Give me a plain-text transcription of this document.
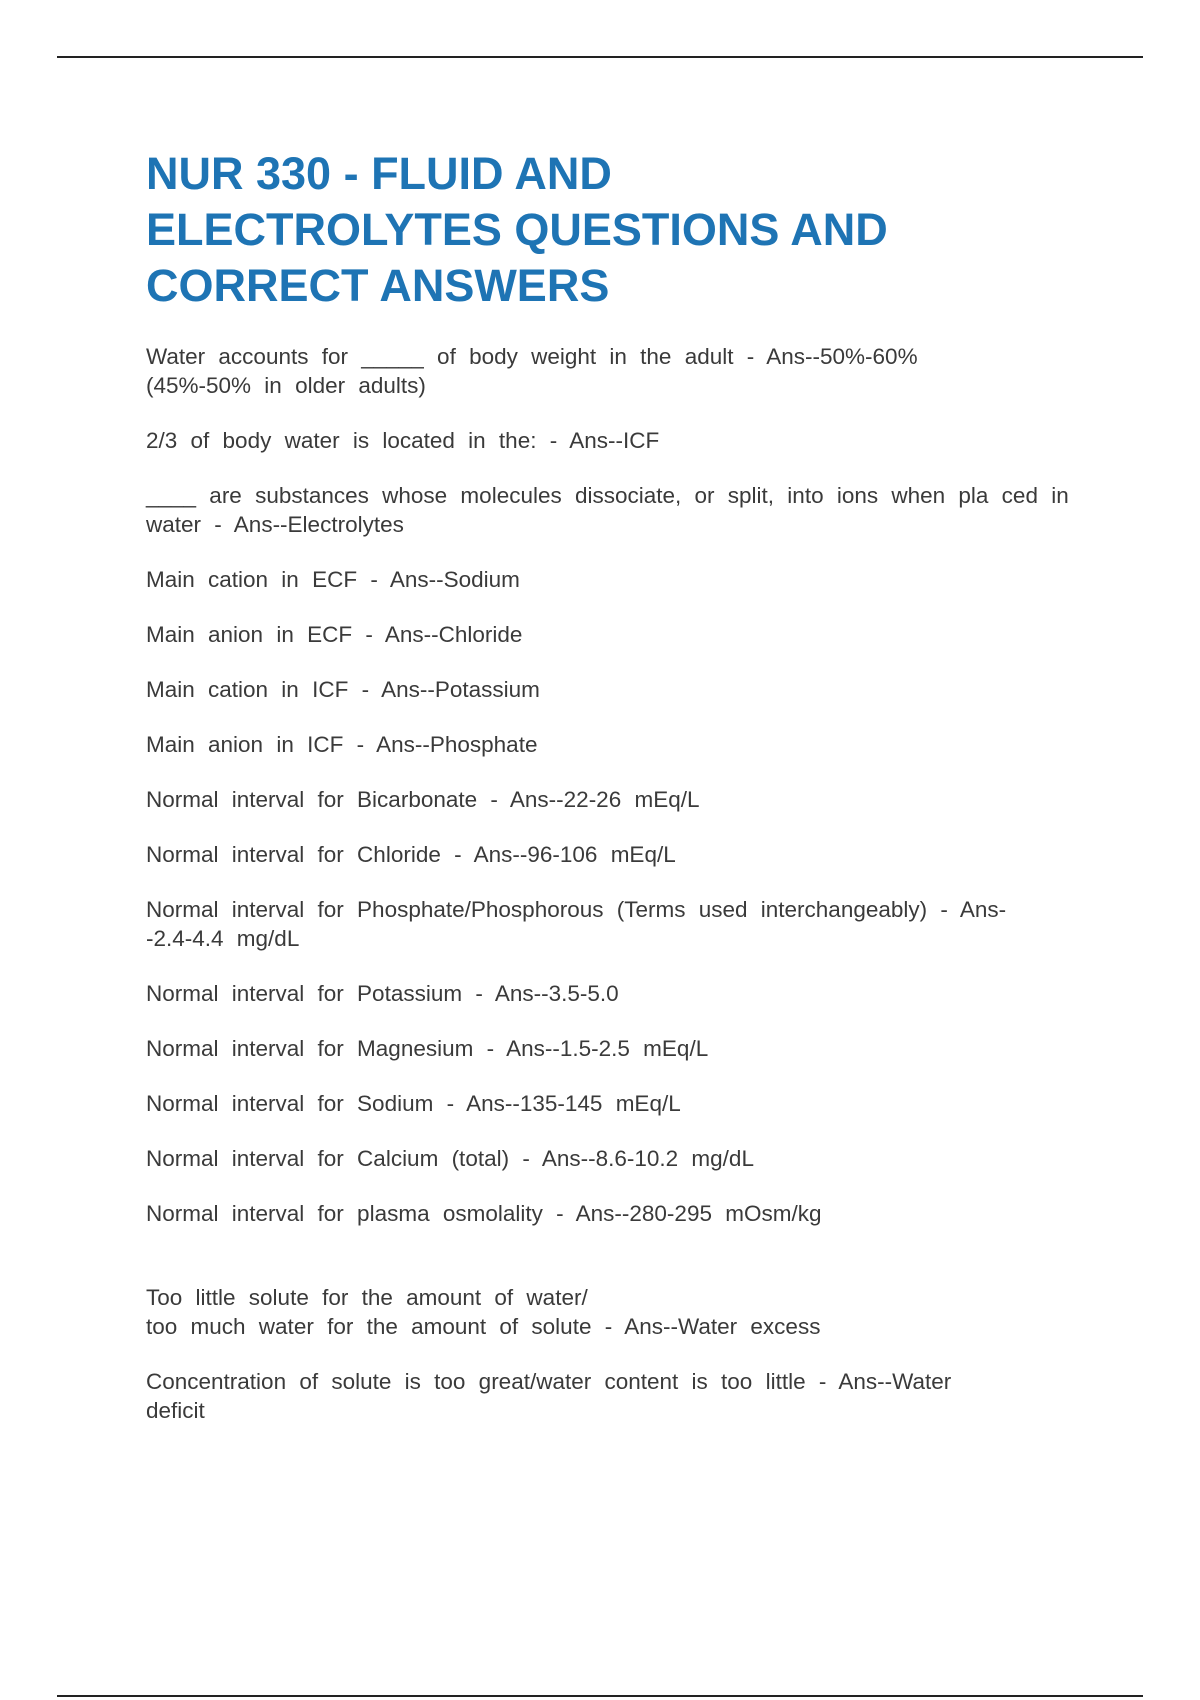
NUR 330 - FLUID AND ELECTROLYTES QUESTIONS AND CORRECT ANSWERS

Water accounts for _____ of body weight in the adult - Ans--50%-60% (45%-50% in older adults)

2/3 of body water is located in the: - Ans--ICF

____ are substances whose molecules dissociate, or split, into ions when pla ced in water - Ans--Electrolytes

Main cation in ECF - Ans--Sodium

Main anion in ECF - Ans--Chloride

Main cation in ICF - Ans--Potassium

Main anion in ICF - Ans--Phosphate

Normal interval for Bicarbonate - Ans--22-26 mEq/L

Normal interval for Chloride - Ans--96-106 mEq/L

Normal interval for Phosphate/Phosphorous (Terms used interchangeably) - Ans--2.4-4.4 mg/dL

Normal interval for Potassium - Ans--3.5-5.0

Normal interval for Magnesium - Ans--1.5-2.5 mEq/L

Normal interval for Sodium - Ans--135-145 mEq/L

Normal interval for Calcium (total) - Ans--8.6-10.2 mg/dL

Normal interval for plasma osmolality - Ans--280-295 mOsm/kg

Too little solute for the amount of water/
too much water for the amount of solute - Ans--Water excess

Concentration of solute is too great/water content is too little - Ans--Water deficit
